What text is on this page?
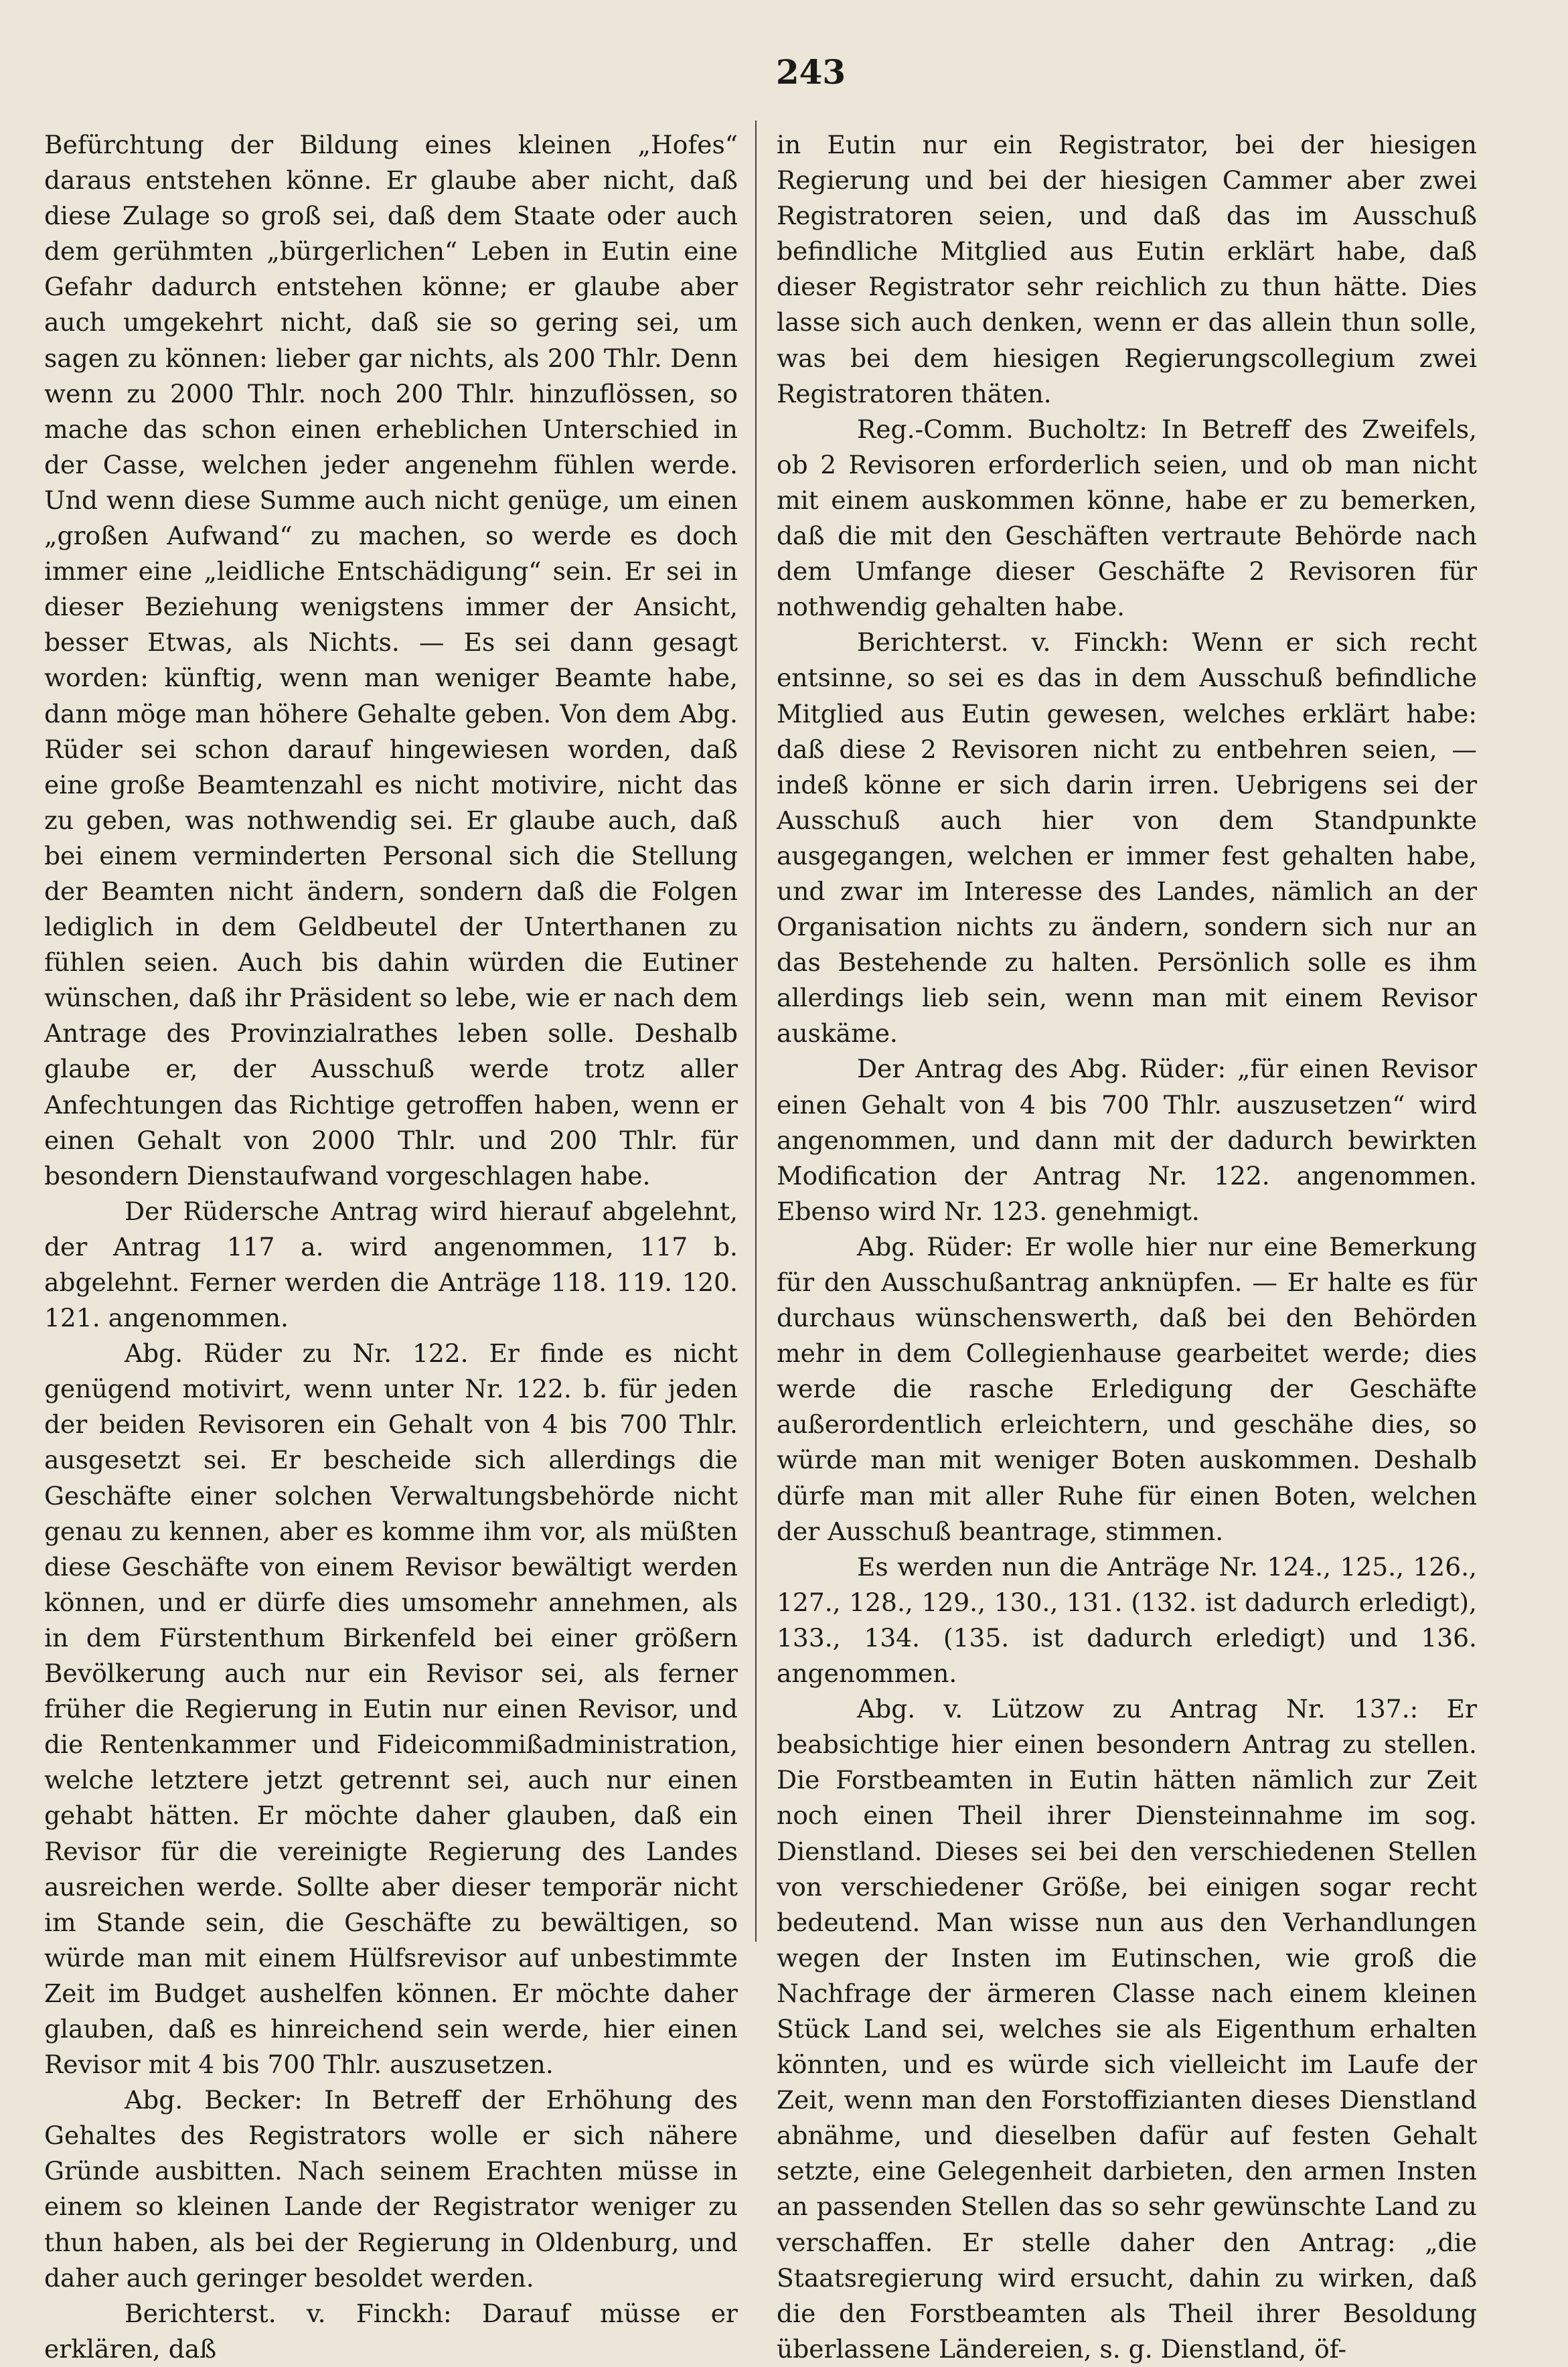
243

Befürchtung der Bildung eines kleinen „Hofes“ daraus entstehen könne. Er glaube aber nicht, daß diese Zulage so groß sei, daß dem Staate oder auch dem gerühmten „bürgerlichen“ Leben in Eutin eine Gefahr dadurch entstehen könne; er glaube aber auch umgekehrt nicht, daß sie so gering sei, um sagen zu können: lieber gar nichts, als 200 Thlr. Denn wenn zu 2000 Thlr. noch 200 Thlr. hinzuflössen, so mache das schon einen erheblichen Unterschied in der Casse, welchen jeder angenehm fühlen werde. Und wenn diese Summe auch nicht genüge, um einen „großen Aufwand“ zu machen, so werde es doch immer eine „leidliche Entschädigung“ sein. Er sei in dieser Beziehung wenigstens immer der Ansicht, besser Etwas, als Nichts. — Es sei dann gesagt worden: künftig, wenn man weniger Beamte habe, dann möge man höhere Gehalte geben. Von dem Abg. Rüder sei schon darauf hingewiesen worden, daß eine große Beamtenzahl es nicht motivire, nicht das zu geben, was nothwendig sei. Er glaube auch, daß bei einem verminderten Personal sich die Stellung der Beamten nicht ändern, sondern daß die Folgen lediglich in dem Geldbeutel der Unterthanen zu fühlen seien. Auch bis dahin würden die Eutiner wünschen, daß ihr Präsident so lebe, wie er nach dem Antrage des Provinzialrathes leben solle. Deshalb glaube er, der Ausschuß werde trotz aller Anfechtungen das Richtige getroffen haben, wenn er einen Gehalt von 2000 Thlr. und 200 Thlr. für besondern Dienstaufwand vorgeschlagen habe.

Der Rüdersche Antrag wird hierauf abgelehnt, der Antrag 117 a. wird angenommen, 117 b. abgelehnt. Ferner werden die Anträge 118. 119. 120. 121. angenommen.

Abg. Rüder zu Nr. 122. Er finde es nicht genügend motivirt, wenn unter Nr. 122. b. für jeden der beiden Revisoren ein Gehalt von 4 bis 700 Thlr. ausgesetzt sei. Er bescheide sich allerdings die Geschäfte einer solchen Verwaltungsbehörde nicht genau zu kennen, aber es komme ihm vor, als müßten diese Geschäfte von einem Revisor bewältigt werden können, und er dürfe dies umsomehr annehmen, als in dem Fürstenthum Birkenfeld bei einer größern Bevölkerung auch nur ein Revisor sei, als ferner früher die Regierung in Eutin nur einen Revisor, und die Rentenkammer und Fideicommißadministration, welche letztere jetzt getrennt sei, auch nur einen gehabt hätten. Er möchte daher glauben, daß ein Revisor für die vereinigte Regierung des Landes ausreichen werde. Sollte aber dieser temporär nicht im Stande sein, die Geschäfte zu bewältigen, so würde man mit einem Hülfsrevisor auf unbestimmte Zeit im Budget aushelfen können. Er möchte daher glauben, daß es hinreichend sein werde, hier einen Revisor mit 4 bis 700 Thlr. auszusetzen.

Abg. Becker: In Betreff der Erhöhung des Gehaltes des Registrators wolle er sich nähere Gründe ausbitten. Nach seinem Erachten müsse in einem so kleinen Lande der Registrator weniger zu thun haben, als bei der Regierung in Oldenburg, und daher auch geringer besoldet werden.

Berichterst. v. Finckh: Darauf müsse er erklären, daß

in Eutin nur ein Registrator, bei der hiesigen Regierung und bei der hiesigen Cammer aber zwei Registratoren seien, und daß das im Ausschuß befindliche Mitglied aus Eutin erklärt habe, daß dieser Registrator sehr reichlich zu thun hätte. Dies lasse sich auch denken, wenn er das allein thun solle, was bei dem hiesigen Regierungscollegium zwei Registratoren thäten.

Reg.-Comm. Bucholtz: In Betreff des Zweifels, ob 2 Revisoren erforderlich seien, und ob man nicht mit einem auskommen könne, habe er zu bemerken, daß die mit den Geschäften vertraute Behörde nach dem Umfange dieser Geschäfte 2 Revisoren für nothwendig gehalten habe.

Berichterst. v. Finckh: Wenn er sich recht entsinne, so sei es das in dem Ausschuß befindliche Mitglied aus Eutin gewesen, welches erklärt habe: daß diese 2 Revisoren nicht zu entbehren seien, — indeß könne er sich darin irren. Uebrigens sei der Ausschuß auch hier von dem Standpunkte ausgegangen, welchen er immer fest gehalten habe, und zwar im Interesse des Landes, nämlich an der Organisation nichts zu ändern, sondern sich nur an das Bestehende zu halten. Persönlich solle es ihm allerdings lieb sein, wenn man mit einem Revisor auskäme.

Der Antrag des Abg. Rüder: „für einen Revisor einen Gehalt von 4 bis 700 Thlr. auszusetzen“ wird angenommen, und dann mit der dadurch bewirkten Modification der Antrag Nr. 122. angenommen. Ebenso wird Nr. 123. genehmigt.

Abg. Rüder: Er wolle hier nur eine Bemerkung für den Ausschußantrag anknüpfen. — Er halte es für durchaus wünschenswerth, daß bei den Behörden mehr in dem Collegienhause gearbeitet werde; dies werde die rasche Erledigung der Geschäfte außerordentlich erleichtern, und geschähe dies, so würde man mit weniger Boten auskommen. Deshalb dürfe man mit aller Ruhe für einen Boten, welchen der Ausschuß beantrage, stimmen.

Es werden nun die Anträge Nr. 124., 125., 126., 127., 128., 129., 130., 131. (132. ist dadurch erledigt), 133., 134. (135. ist dadurch erledigt) und 136. angenommen.

Abg. v. Lützow zu Antrag Nr. 137.: Er beabsichtige hier einen besondern Antrag zu stellen. Die Forstbeamten in Eutin hätten nämlich zur Zeit noch einen Theil ihrer Diensteinnahme im sog. Dienstland. Dieses sei bei den verschiedenen Stellen von verschiedener Größe, bei einigen sogar recht bedeutend. Man wisse nun aus den Verhandlungen wegen der Insten im Eutinschen, wie groß die Nachfrage der ärmeren Classe nach einem kleinen Stück Land sei, welches sie als Eigenthum erhalten könnten, und es würde sich vielleicht im Laufe der Zeit, wenn man den Forstoffizianten dieses Dienstland abnähme, und dieselben dafür auf festen Gehalt setzte, eine Gelegenheit darbieten, den armen Insten an passenden Stellen das so sehr gewünschte Land zu verschaffen. Er stelle daher den Antrag: „die Staatsregierung wird ersucht, dahin zu wirken, daß die den Forstbeamten als Theil ihrer Besoldung überlassene Ländereien, s. g. Dienstland, öf-
